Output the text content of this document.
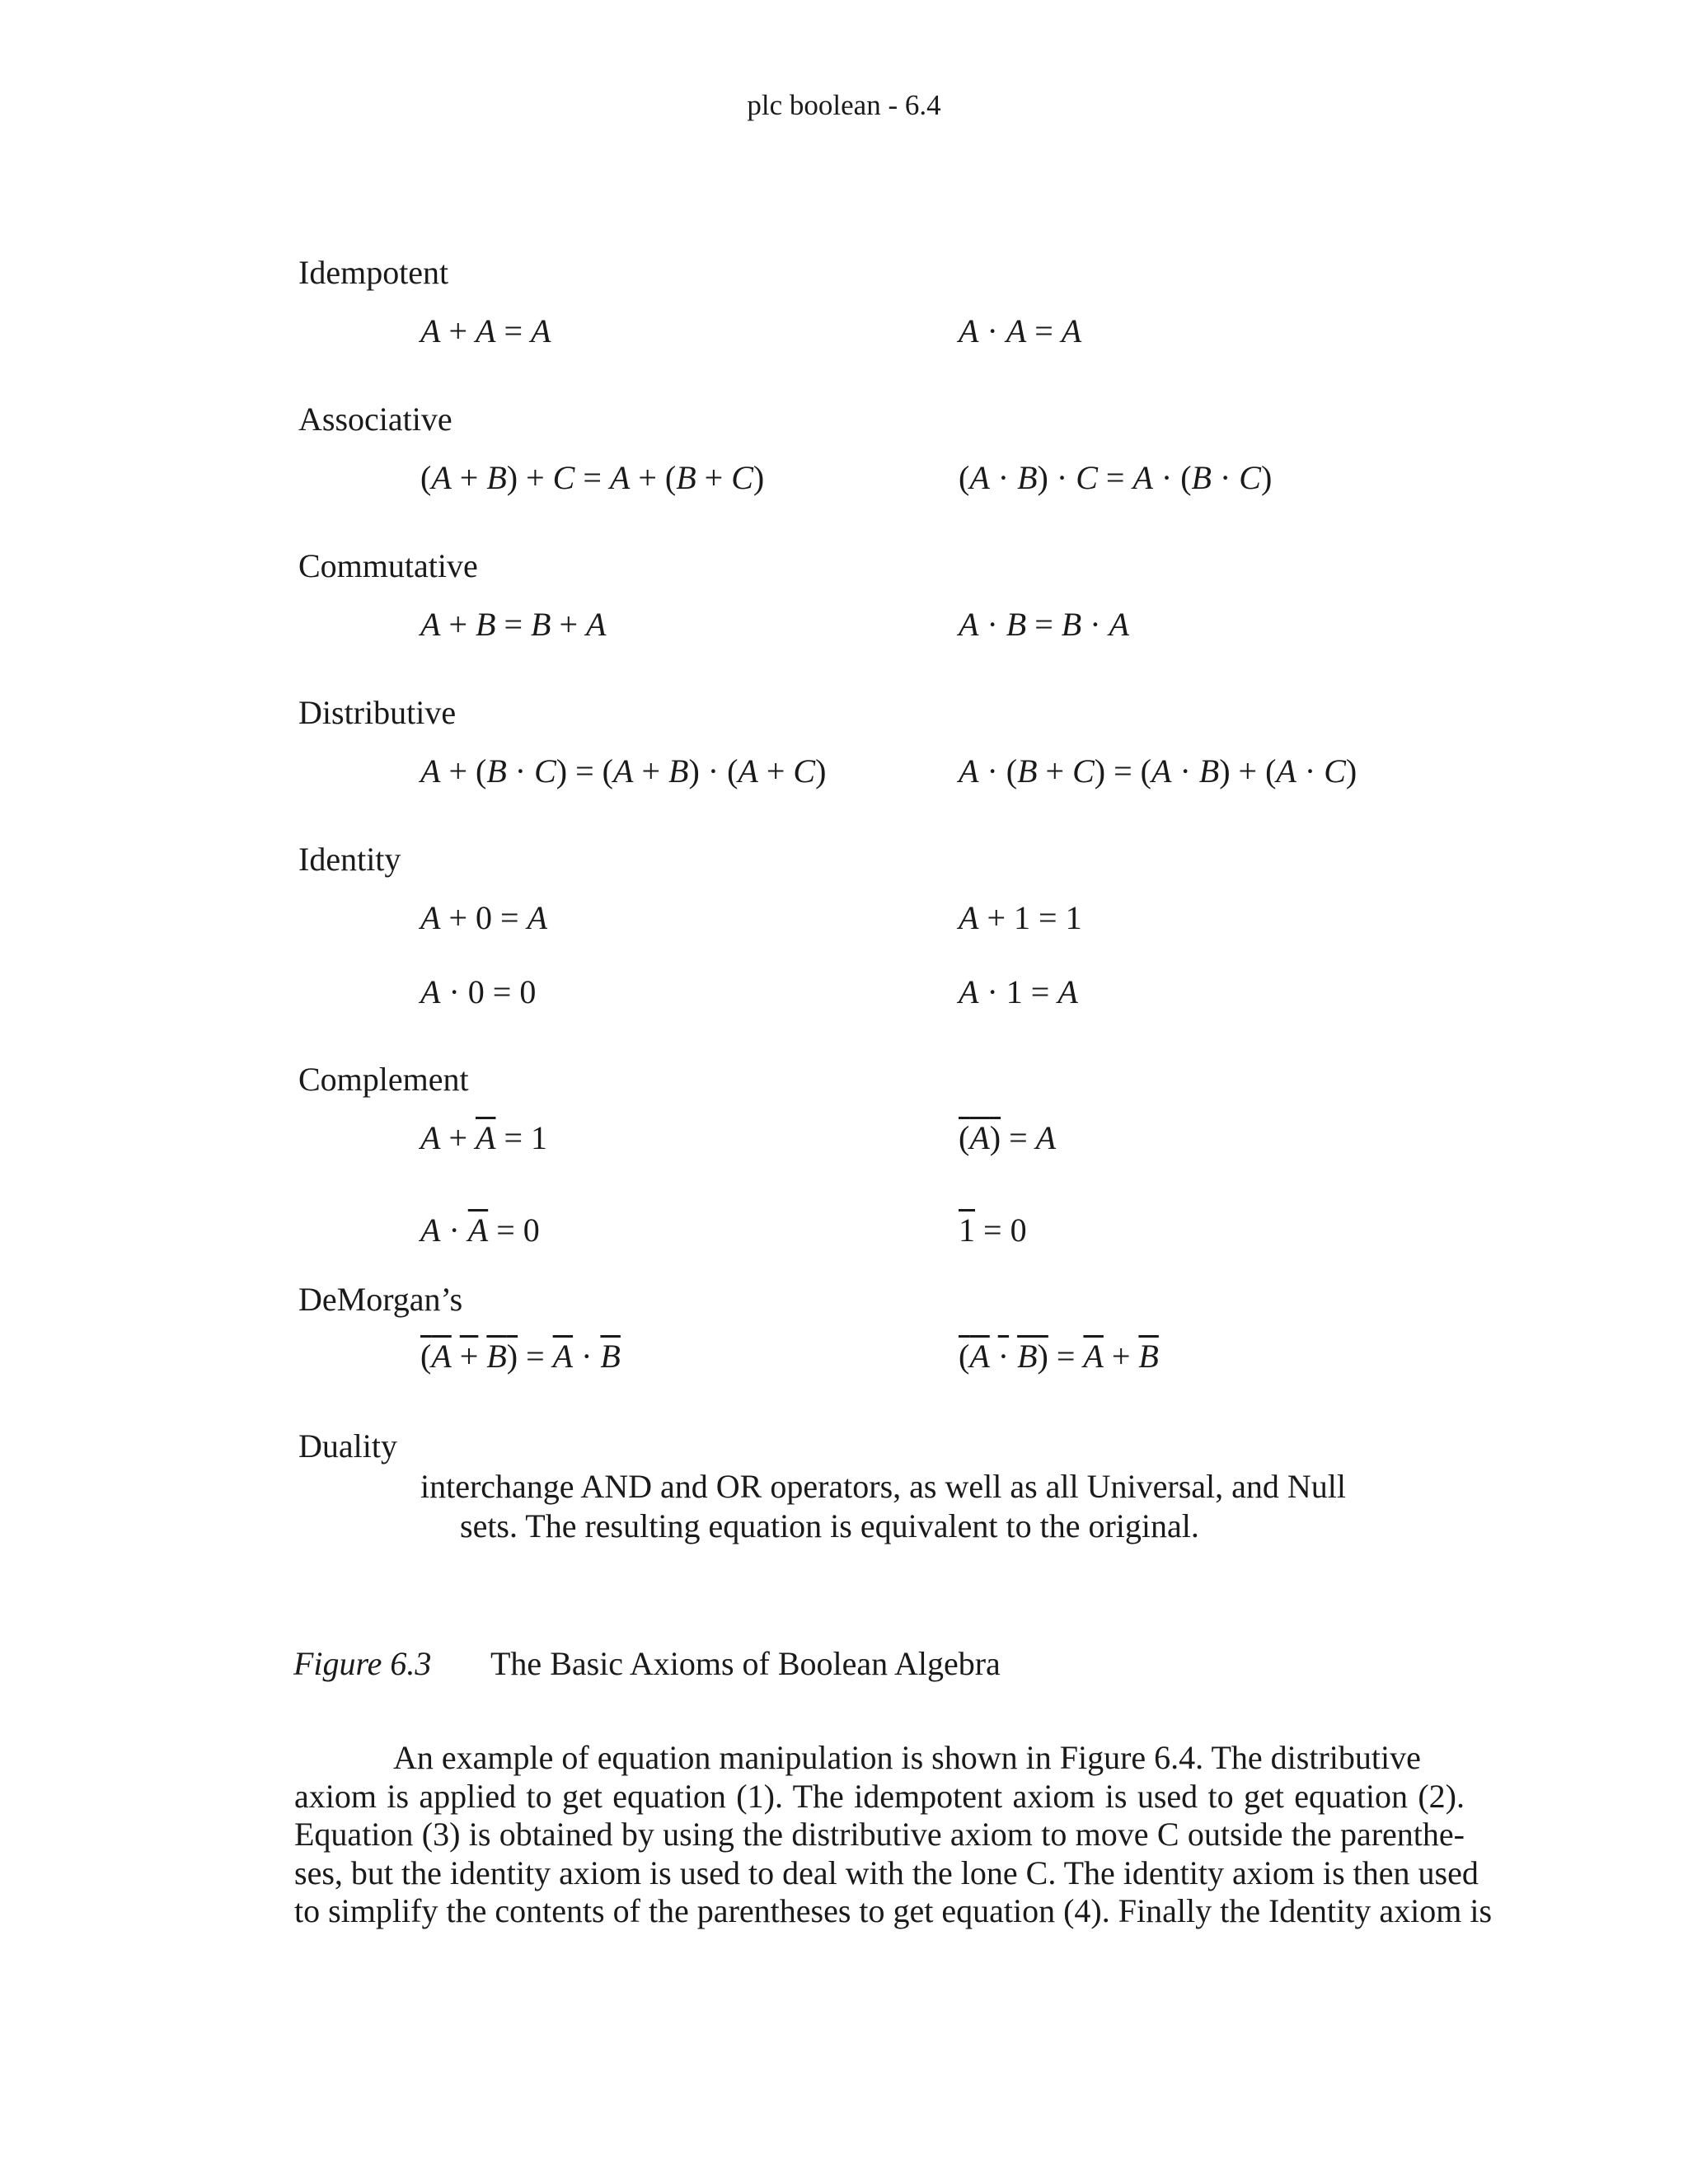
plc boolean - 6.4
Idempotent
A + A = A	A · A = A
Associative
(A + B) + C = A + (B + C)	(A · B) · C = A · (B · C)
Commutative
A + B = B + A	A · B = B · A
Distributive
A + (B · C) = (A + B) · (A + C)	A · (B + C) = (A · B) + (A · C)
Identity
A + 0 = A	A + 1 = 1
A · 0 = 0	A · 1 = A
Complement
$A + \overline{A} = 1$	(A) = A
$A \cdot \overline{A} = 0$	1 = 0
DeMorgan’s
$(A + B) = \overline{A} \cdot \overline{B}$	$(A \cdot B) = \overline{A} + \overline{B}$
Duality
interchange AND and OR operators, as well as all Universal, and Null
sets. The resulting equation is equivalent to the original.
Figure 6.3 The Basic Axioms of Boolean Algebra
An example of equation manipulation is shown in Figure 6.4. The distributive
axiom is applied to get equation (1). The idempotent axiom is used to get equation (2).
Equation (3) is obtained by using the distributive axiom to move C outside the parenthe-
ses, but the identity axiom is used to deal with the lone C. The identity axiom is then used
to simplify the contents of the parentheses to get equation (4). Finally the Identity axiom is
